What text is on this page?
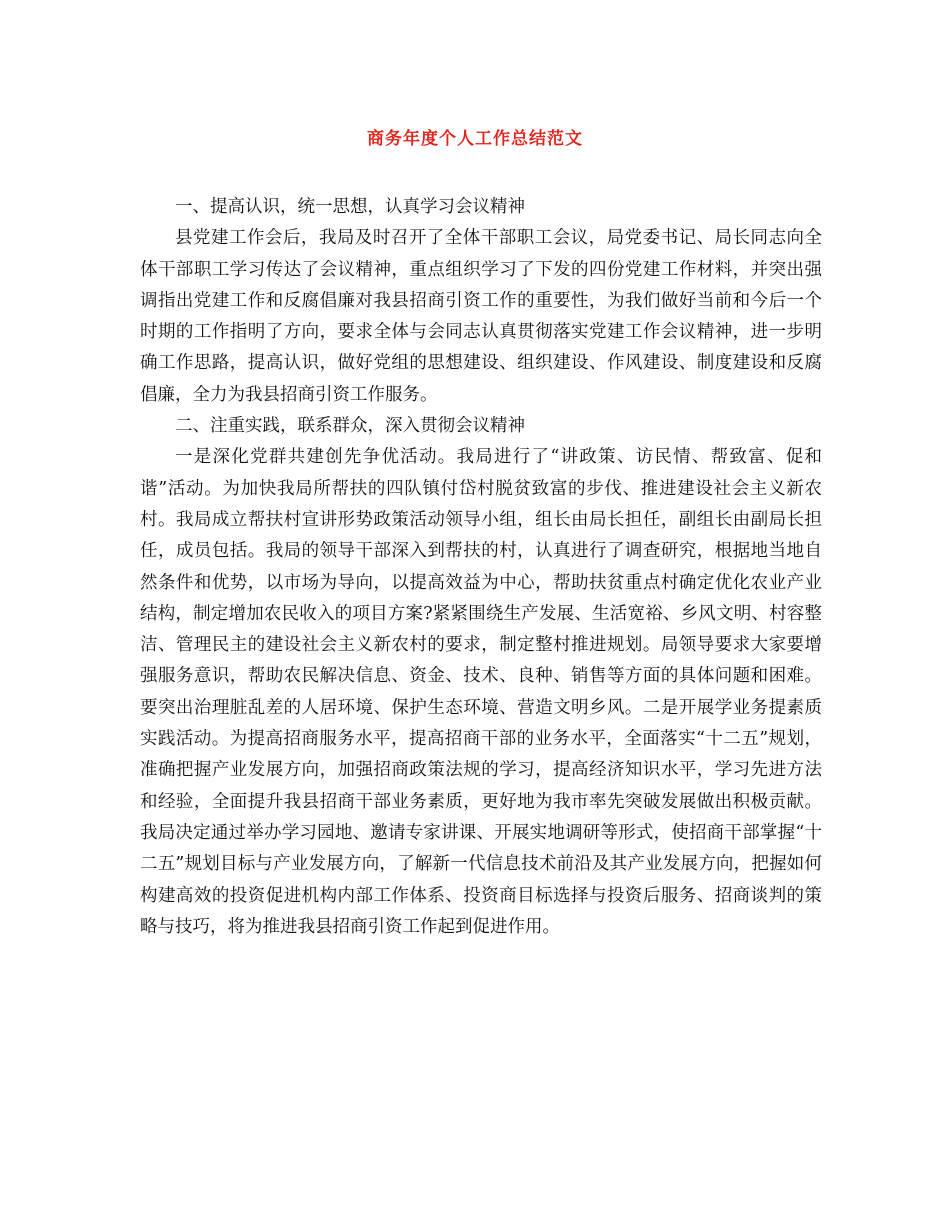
商务年度个人工作总结范文

一、提高认识，统一思想，认真学习会议精神

县党建工作会后，我局及时召开了全体干部职工会议，局党委书记、局长同志向全体干部职工学习传达了会议精神，重点组织学习了下发的四份党建工作材料，并突出强调指出党建工作和反腐倡廉对我县招商引资工作的重要性，为我们做好当前和今后一个时期的工作指明了方向，要求全体与会同志认真贯彻落实党建工作会议精神，进一步明确工作思路，提高认识，做好党组的思想建设、组织建设、作风建设、制度建设和反腐倡廉，全力为我县招商引资工作服务。

二、注重实践，联系群众，深入贯彻会议精神

一是深化党群共建创先争优活动。我局进行了“讲政策、访民情、帮致富、促和谐”活动。为加快我局所帮扶的四队镇付岱村脱贫致富的步伐、推进建设社会主义新农村。我局成立帮扶村宣讲形势政策活动领导小组，组长由局长担任，副组长由副局长担任，成员包括。我局的领导干部深入到帮扶的村，认真进行了调查研究，根据地当地自然条件和优势，以市场为导向，以提高效益为中心，帮助扶贫重点村确定优化农业产业结构，制定增加农民收入的项目方案?紧紧围绕生产发展、生活宽裕、乡风文明、村容整洁、管理民主的建设社会主义新农村的要求，制定整村推进规划。局领导要求大家要增强服务意识，帮助农民解决信息、资金、技术、良种、销售等方面的具体问题和困难。要突出治理脏乱差的人居环境、保护生态环境、营造文明乡风。二是开展学业务提素质实践活动。为提高招商服务水平，提高招商干部的业务水平，全面落实“十二五”规划，准确把握产业发展方向，加强招商政策法规的学习，提高经济知识水平，学习先进方法和经验，全面提升我县招商干部业务素质，更好地为我市率先突破发展做出积极贡献。我局决定通过举办学习园地、邀请专家讲课、开展实地调研等形式，使招商干部掌握“十二五”规划目标与产业发展方向，了解新一代信息技术前沿及其产业发展方向，把握如何构建高效的投资促进机构内部工作体系、投资商目标选择与投资后服务、招商谈判的策略与技巧，将为推进我县招商引资工作起到促进作用。
